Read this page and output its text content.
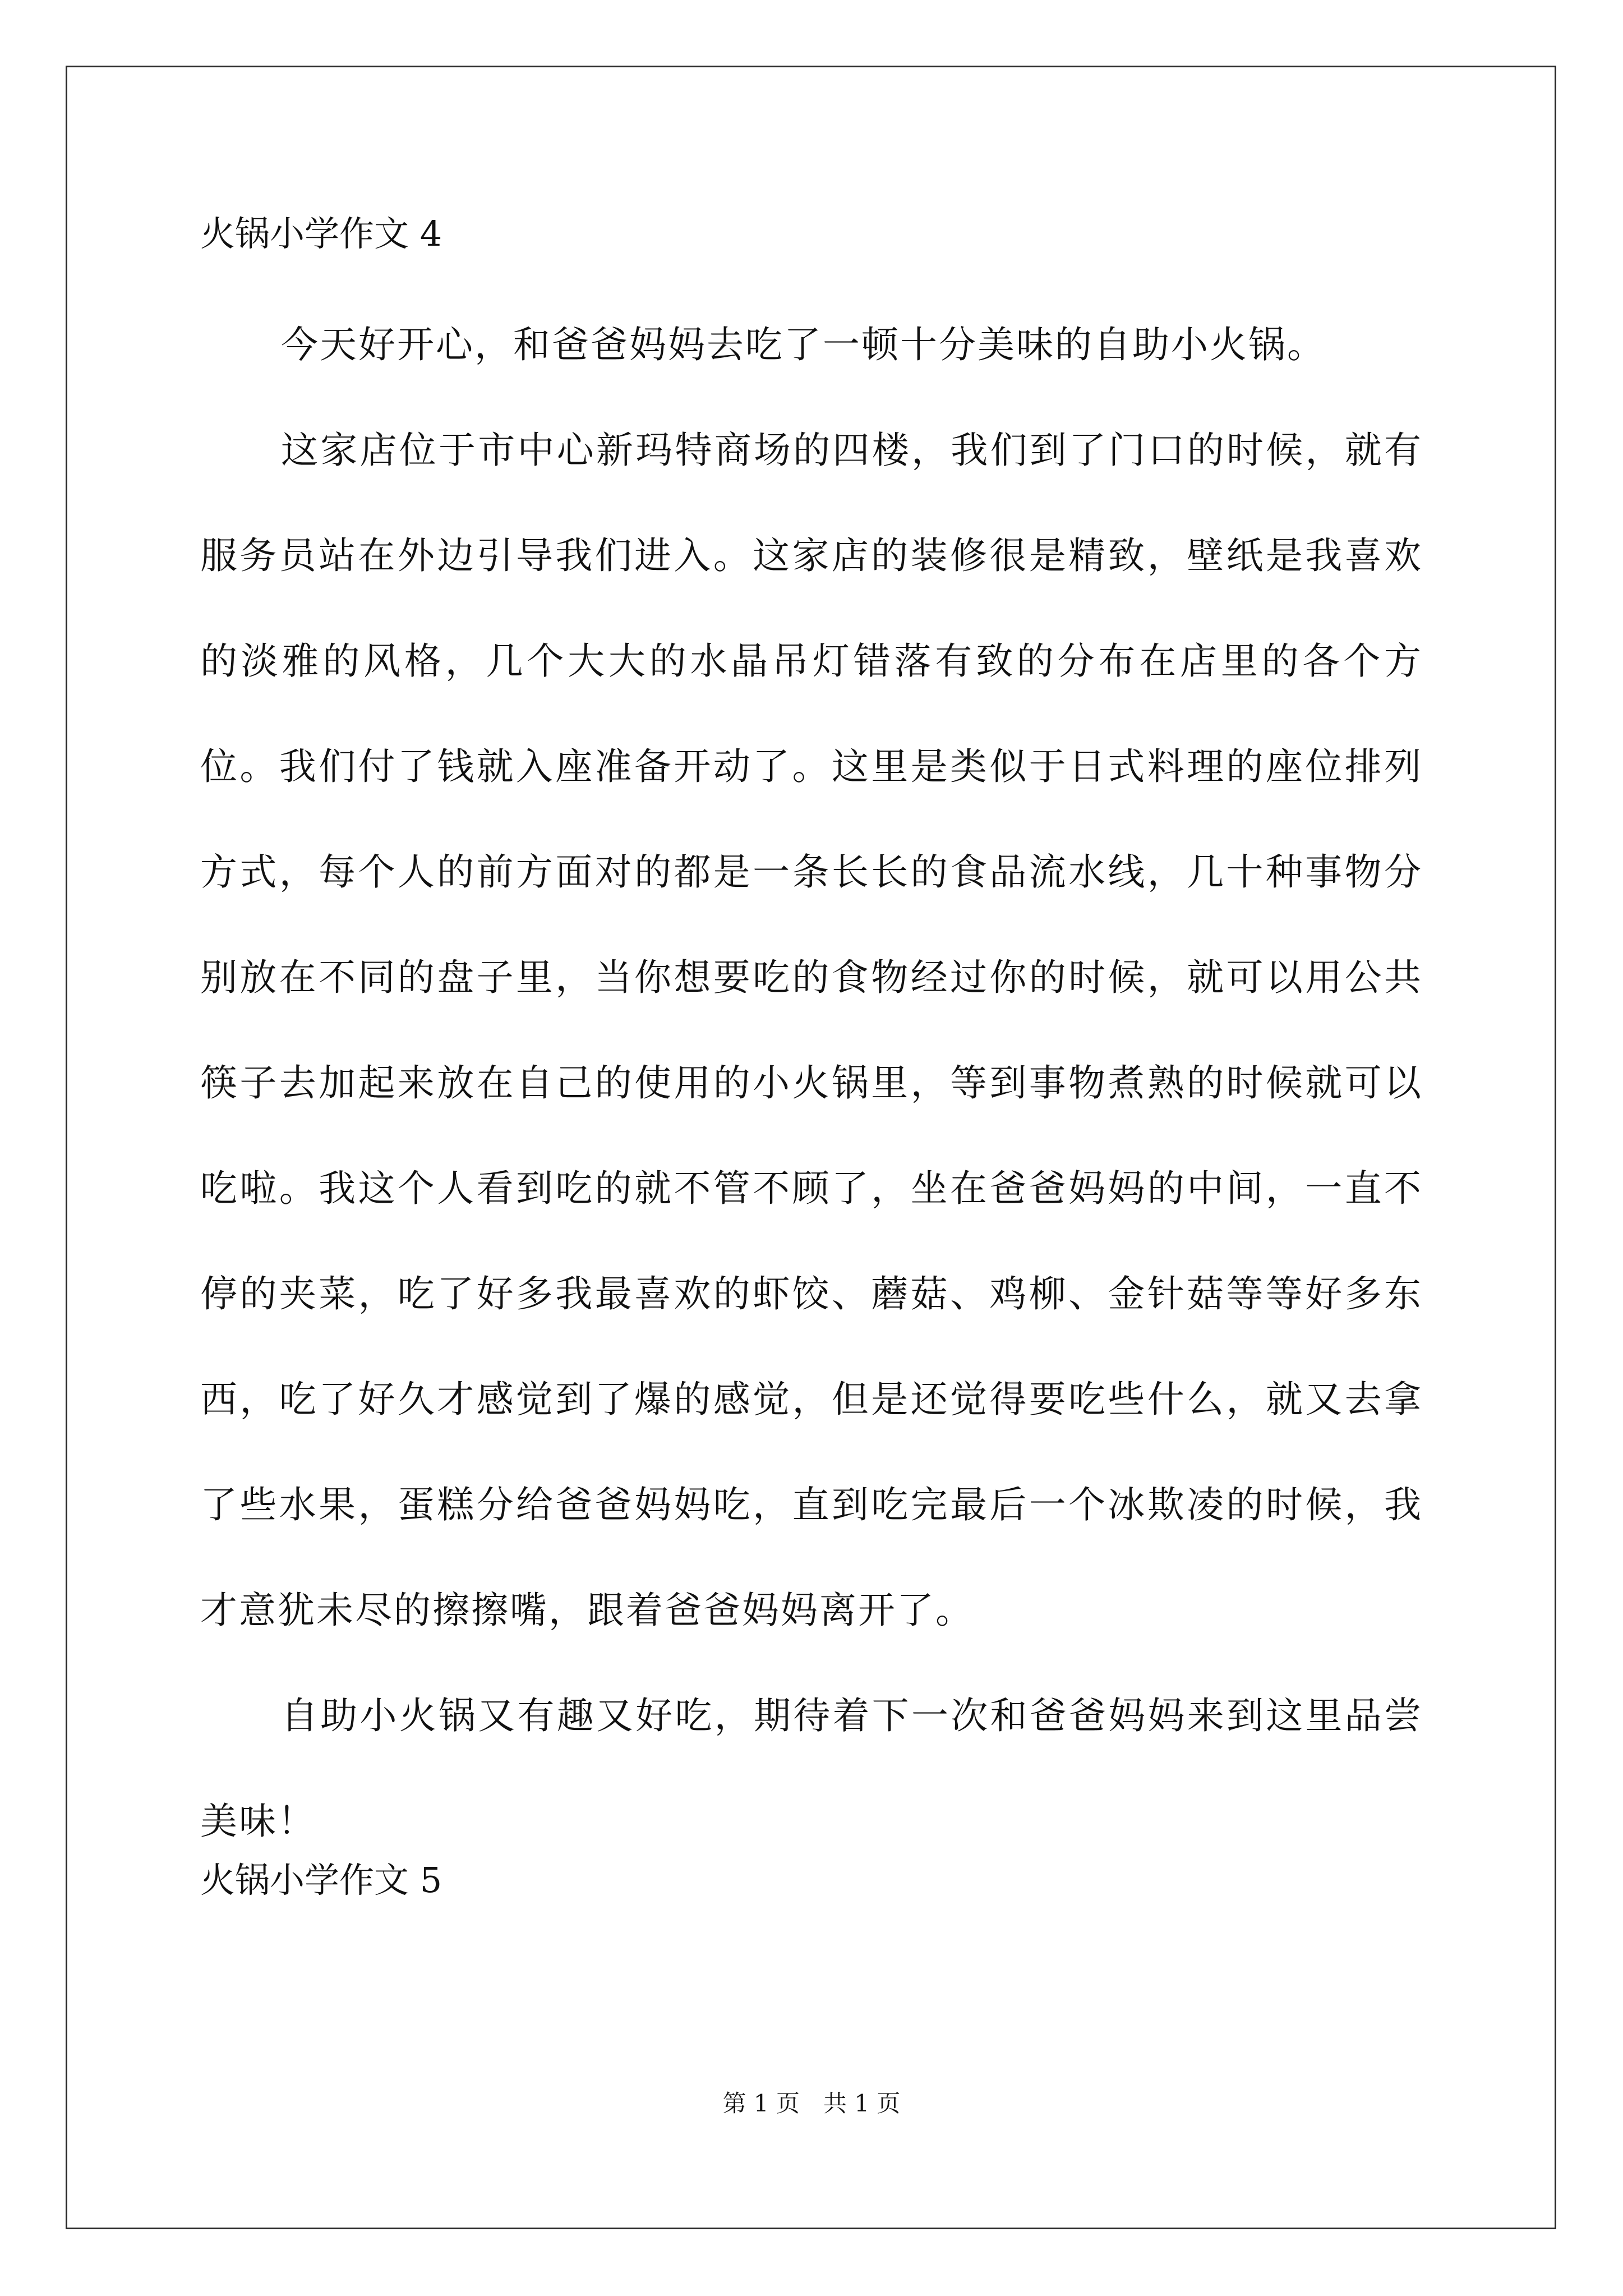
火锅小学作文 4

今天好开心，和爸爸妈妈去吃了一顿十分美味的自助小火锅。

这家店位于市中心新玛特商场的四楼，我们到了门口的时候，就有服务员站在外边引导我们进入。这家店的装修很是精致，壁纸是我喜欢的淡雅的风格，几个大大的水晶吊灯错落有致的分布在店里的各个方位。我们付了钱就入座准备开动了。这里是类似于日式料理的座位排列方式，每个人的前方面对的都是一条长长的食品流水线，几十种事物分别放在不同的盘子里，当你想要吃的食物经过你的时候，就可以用公共筷子去加起来放在自己的使用的小火锅里，等到事物煮熟的时候就可以吃啦。我这个人看到吃的就不管不顾了，坐在爸爸妈妈的中间，一直不停的夹菜，吃了好多我最喜欢的虾饺、蘑菇、鸡柳、金针菇等等好多东西，吃了好久才感觉到了爆的感觉，但是还觉得要吃些什么，就又去拿了些水果，蛋糕分给爸爸妈妈吃，直到吃完最后一个冰欺凌的时候，我才意犹未尽的擦擦嘴，跟着爸爸妈妈离开了。

自助小火锅又有趣又好吃，期待着下一次和爸爸妈妈来到这里品尝美味！

火锅小学作文 5
第 1 页　共 1 页
